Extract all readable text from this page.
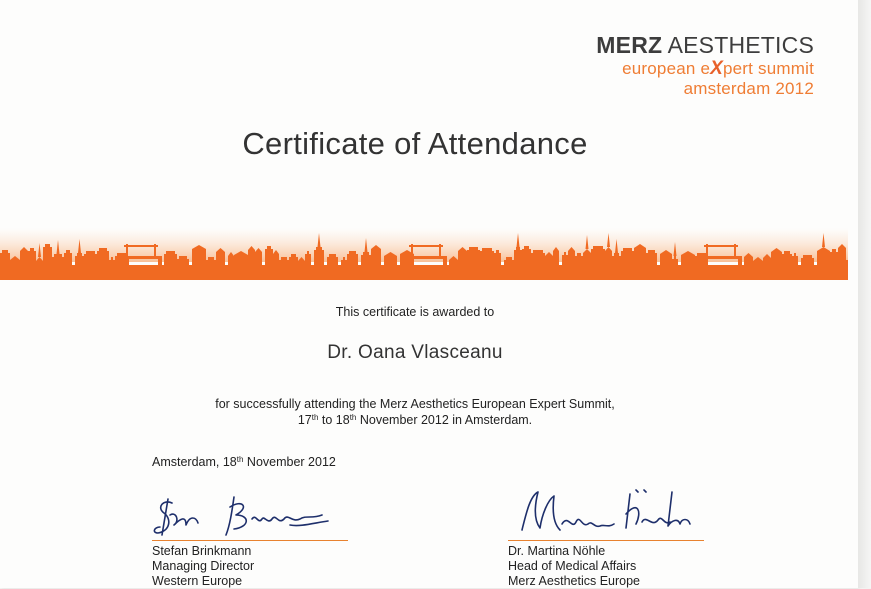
MERZ AESTHETICS
european eXpert summit
amsterdam 2012
Certificate of Attendance
This certificate is awarded to
Dr. Oana Vlasceanu
for successfully attending the Merz Aesthetics European Expert Summit,
17th to 18th November 2012 in Amsterdam.
Amsterdam, 18th November 2012
Stefan Brinkmann
Managing Director
Western Europe
Dr. Martina Nöhle
Head of Medical Affairs
Merz Aesthetics Europe
